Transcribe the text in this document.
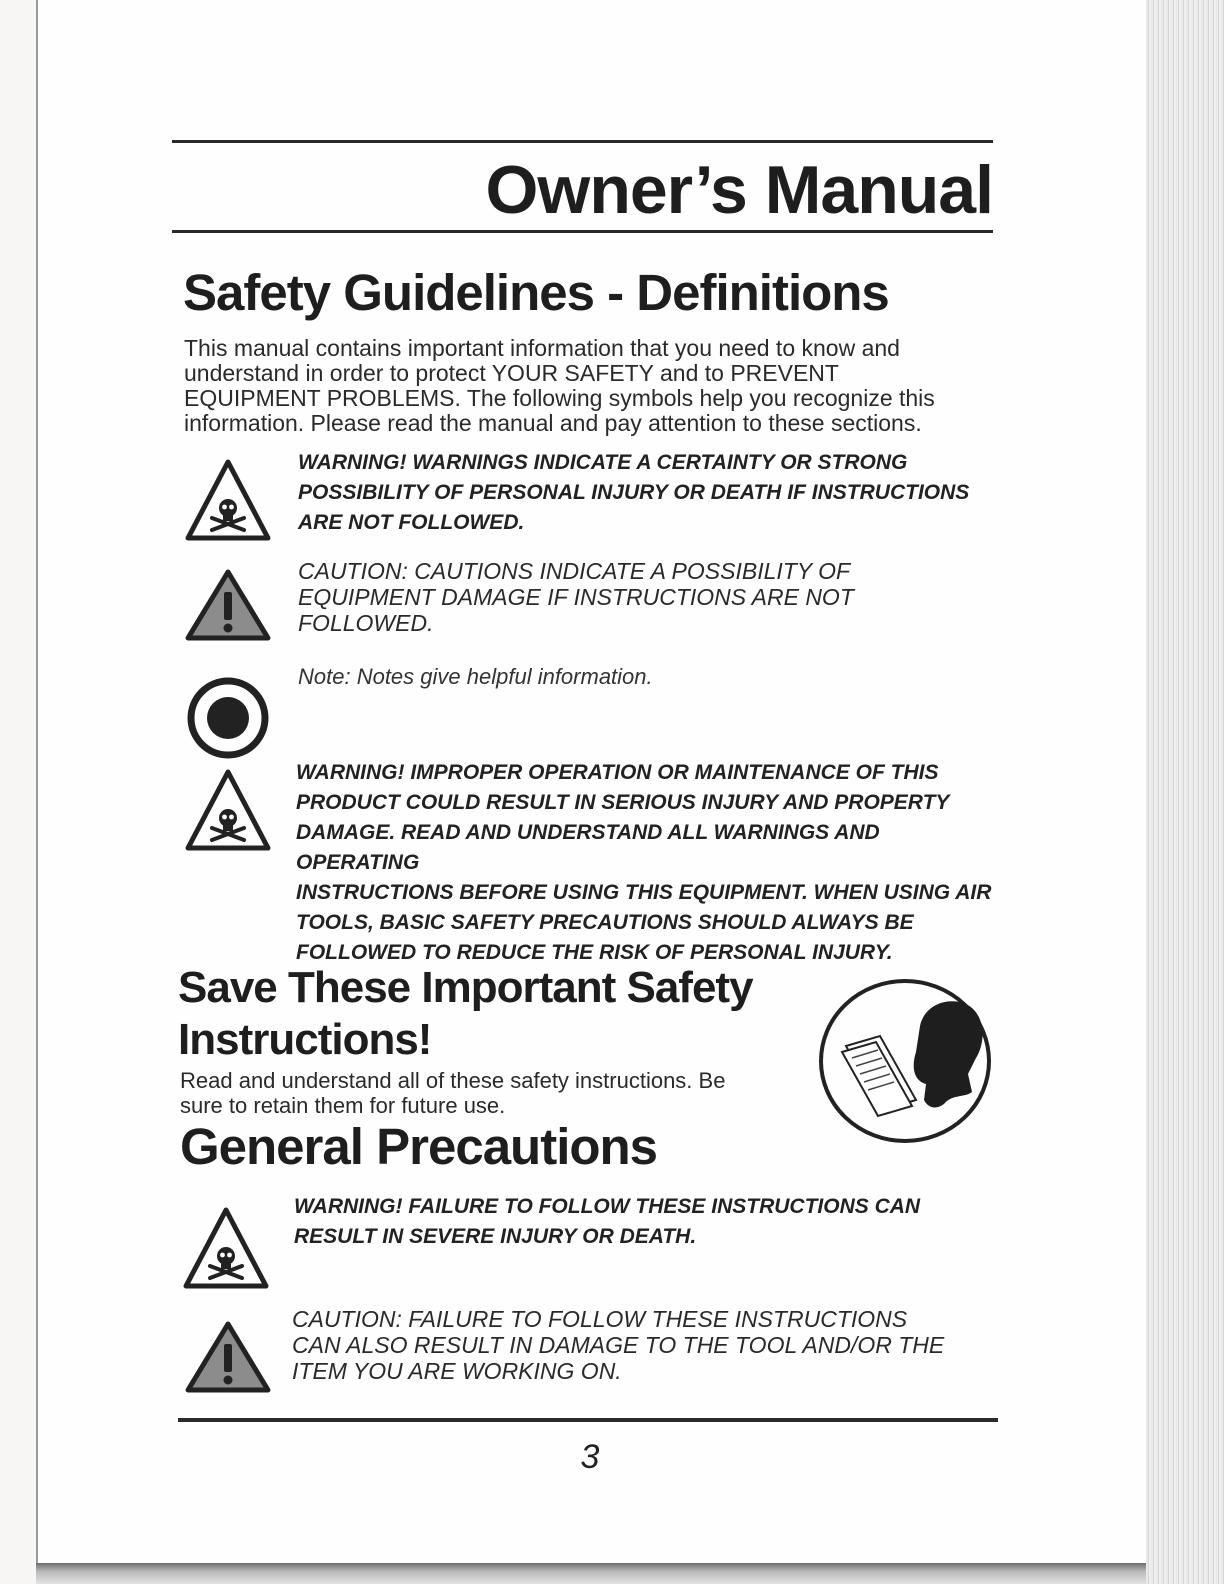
Owner’s Manual
Safety Guidelines - Definitions

This manual contains important information that you need to know and
understand in order to protect YOUR SAFETY and to PREVENT
EQUIPMENT PROBLEMS. The following symbols help you recognize this
information. Please read the manual and pay attention to these sections.

WARNING! WARNINGS INDICATE A CERTAINTY OR STRONG
POSSIBILITY OF PERSONAL INJURY OR DEATH IF INSTRUCTIONS
ARE NOT FOLLOWED.

CAUTION: CAUTIONS INDICATE A POSSIBILITY OF
EQUIPMENT DAMAGE IF INSTRUCTIONS ARE NOT
FOLLOWED.

Note: Notes give helpful information.

WARNING! IMPROPER OPERATION OR MAINTENANCE OF THIS
PRODUCT COULD RESULT IN SERIOUS INJURY AND PROPERTY
DAMAGE. READ AND UNDERSTAND ALL WARNINGS AND OPERATING
INSTRUCTIONS BEFORE USING THIS EQUIPMENT. WHEN USING AIR
TOOLS, BASIC SAFETY PRECAUTIONS SHOULD ALWAYS BE
FOLLOWED TO REDUCE THE RISK OF PERSONAL INJURY.

Save These Important Safety
Instructions!

Read and understand all of these safety instructions. Be
sure to retain them for future use.

General Precautions

WARNING! FAILURE TO FOLLOW THESE INSTRUCTIONS CAN
RESULT IN SEVERE INJURY OR DEATH.

CAUTION: FAILURE TO FOLLOW THESE INSTRUCTIONS
CAN ALSO RESULT IN DAMAGE TO THE TOOL AND/OR THE
ITEM YOU ARE WORKING ON.

3
